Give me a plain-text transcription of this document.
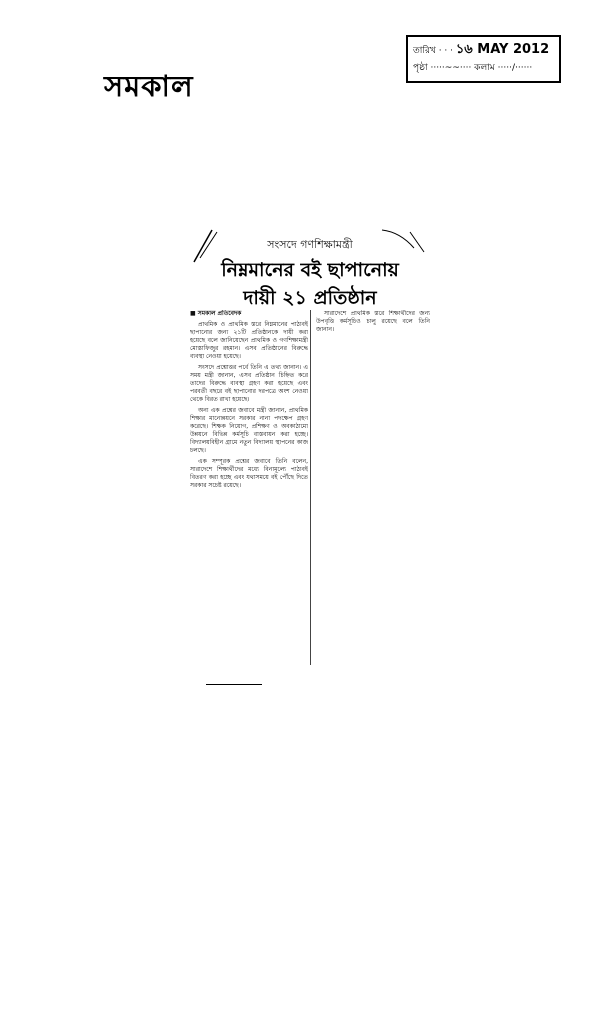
সমকাল
তারিখ · · · ১৬ MAY 2012
পৃষ্ঠা ·····~~···· কলাম ·····/······
সংসদে গণশিক্ষামন্ত্রী
নিম্নমানের বই ছাপানোয়
দায়ী ২১ প্রতিষ্ঠান

■ সমকাল প্রতিবেদক

প্রাথমিক ও প্রাথমিক স্তরে নিম্নমানের পাঠ্যবই ছাপানোর জন্য ২১টি প্রতিষ্ঠানকে দায়ী করা হয়েছে বলে জানিয়েছেন প্রাথমিক ও গণশিক্ষামন্ত্রী মোস্তাফিজুর রহমান। এসব প্রতিষ্ঠানের বিরুদ্ধে ব্যবস্থা নেওয়া হয়েছে।

সংসদে প্রশ্নোত্তর পর্বে তিনি এ তথ্য জানান। এ সময় মন্ত্রী জানান, এসব প্রতিষ্ঠান চিহ্নিত করে তাদের বিরুদ্ধে ব্যবস্থা গ্রহণ করা হয়েছে এবং পরবর্তী বছরে বই ছাপানোর দরপত্রে অংশ নেওয়া থেকে বিরত রাখা হয়েছে।

অন্য এক প্রশ্নের জবাবে মন্ত্রী জানান, প্রাথমিক শিক্ষার মানোন্নয়নে সরকার নানা পদক্ষেপ গ্রহণ করেছে। শিক্ষক নিয়োগ, প্রশিক্ষণ ও অবকাঠামো উন্নয়নে বিভিন্ন কর্মসূচি বাস্তবায়ন করা হচ্ছে। বিদ্যালয়বিহীন গ্রামে নতুন বিদ্যালয় স্থাপনের কাজ চলছে।

এক সম্পূরক প্রশ্নের জবাবে তিনি বলেন, সারাদেশে শিক্ষার্থীদের মধ্যে বিনামূল্যে পাঠ্যবই বিতরণ করা হচ্ছে এবং যথাসময়ে বই পৌঁছে দিতে সরকার সচেষ্ট রয়েছে।

সারাদেশে প্রাথমিক স্তরে শিক্ষার্থীদের জন্য উপবৃত্তি কর্মসূচিও চালু রয়েছে বলে তিনি জানান।
